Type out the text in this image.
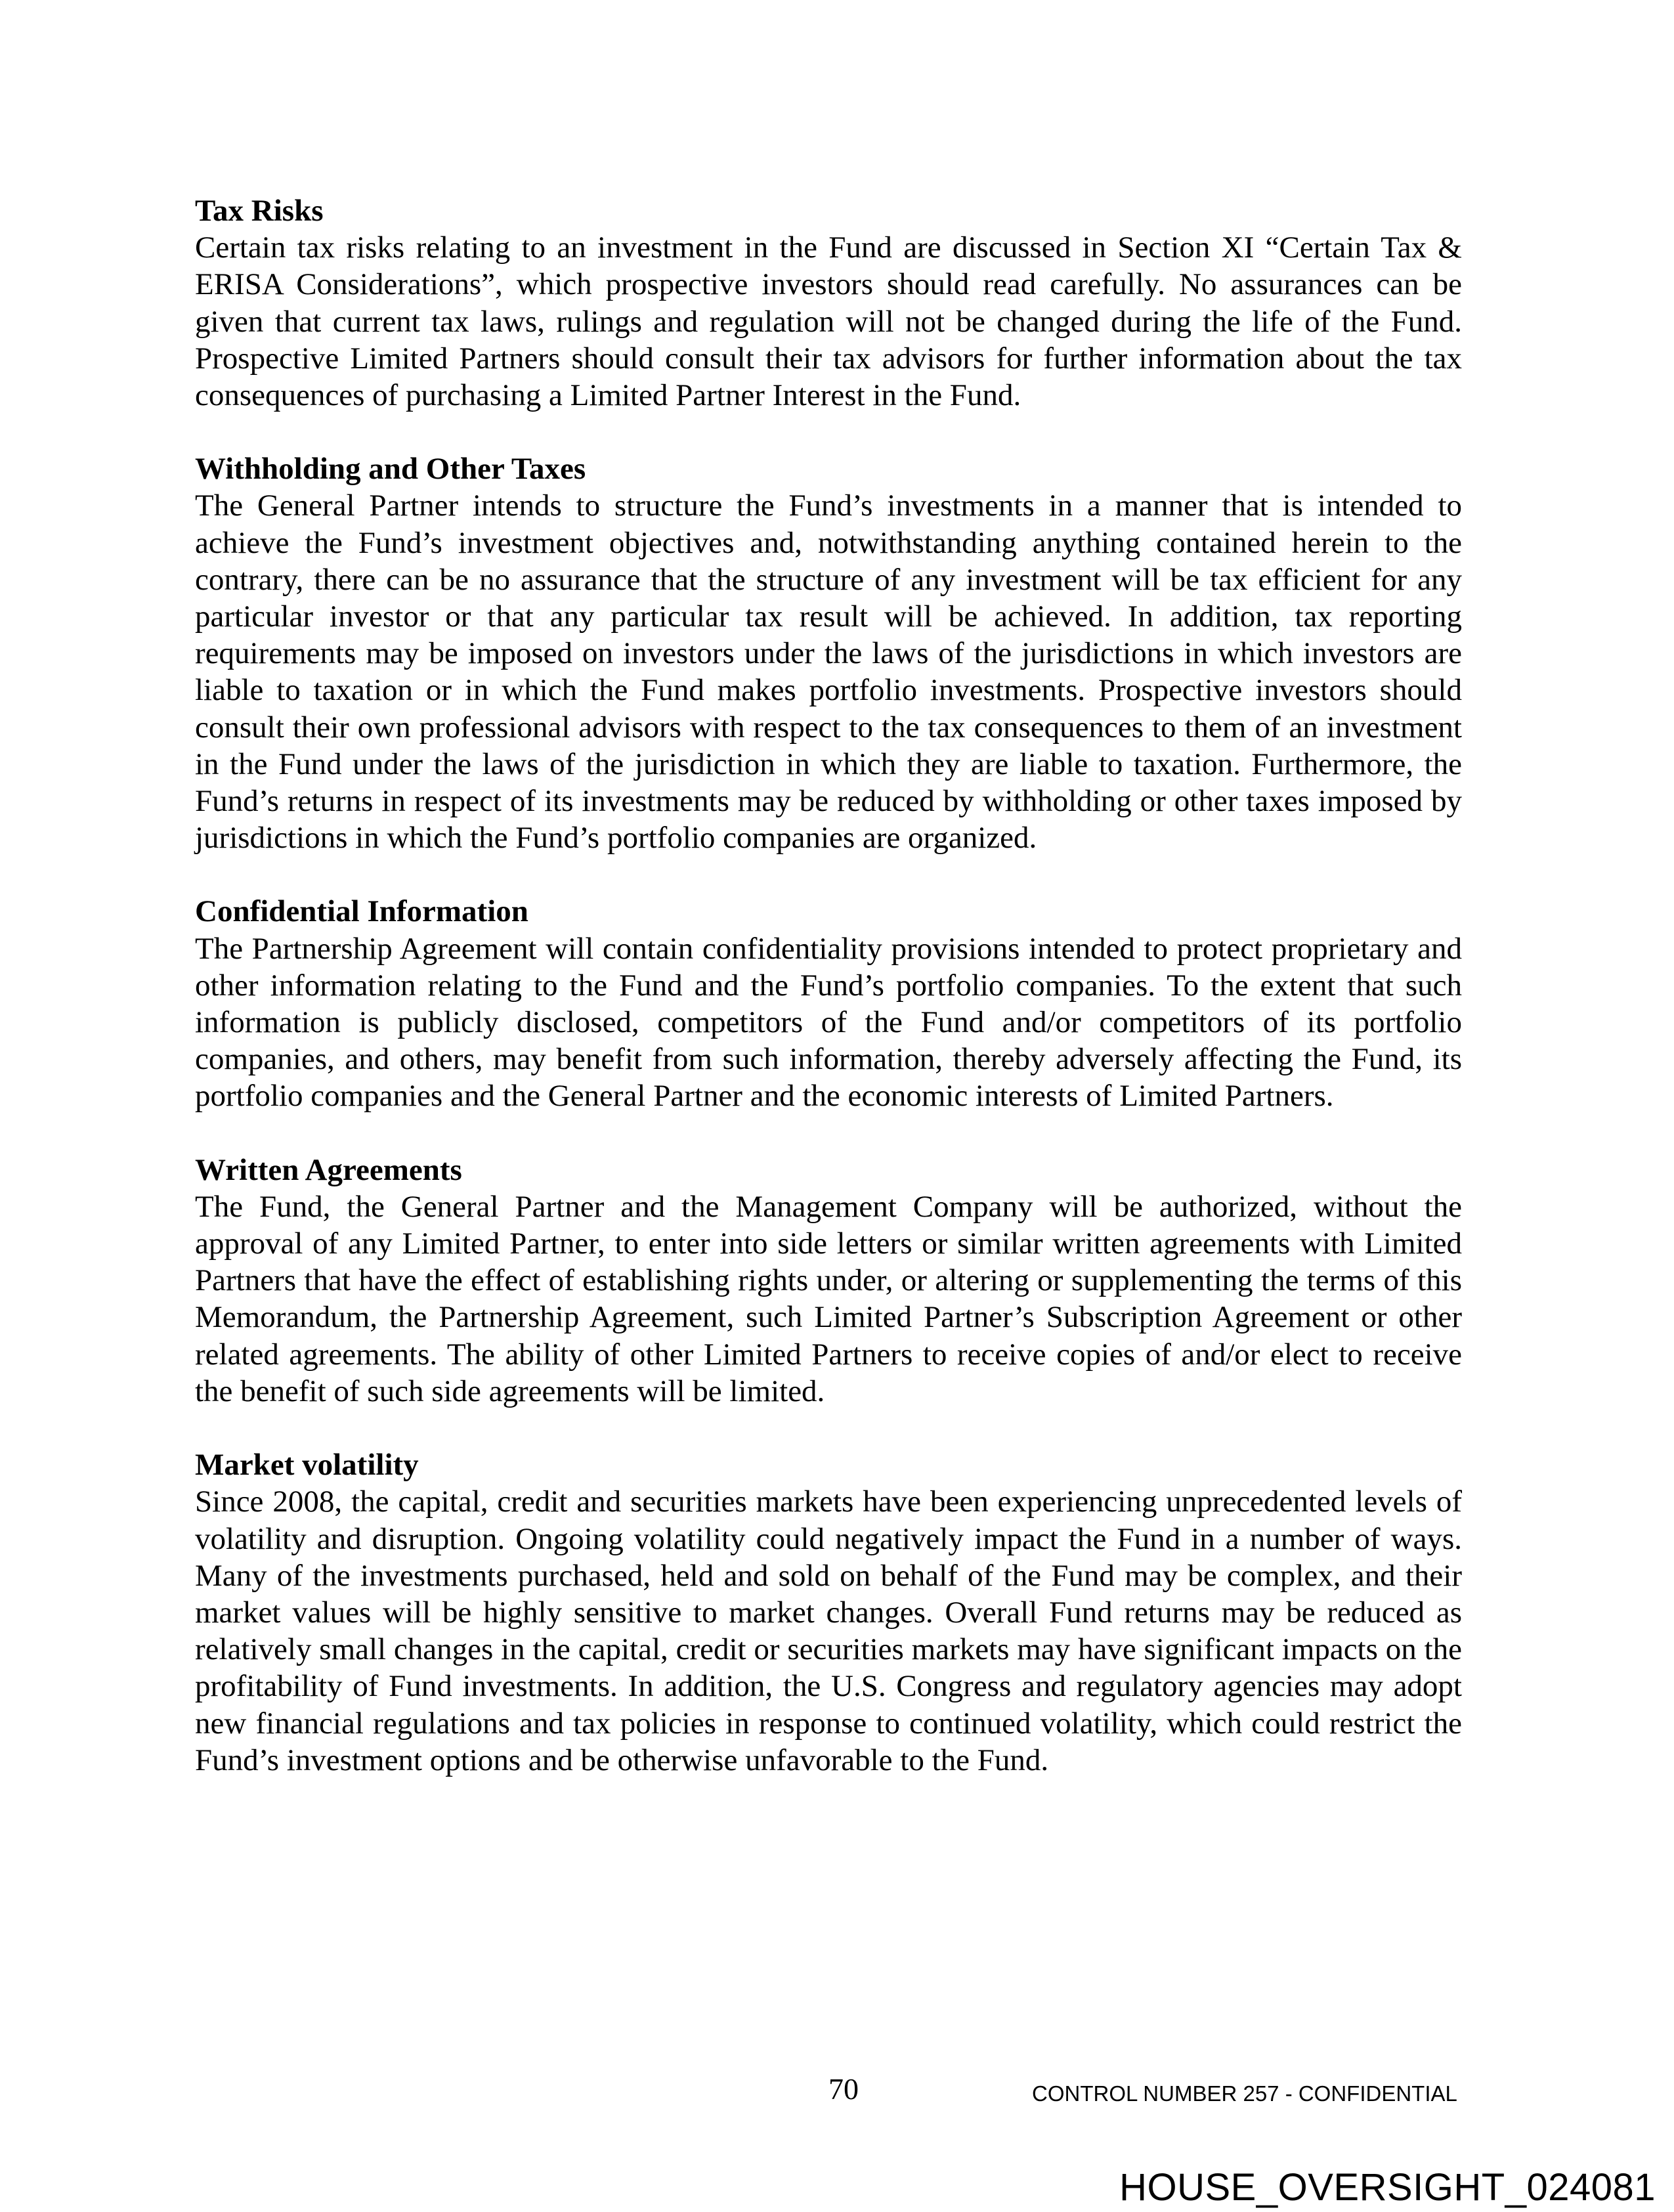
Tax Risks

Certain tax risks relating to an investment in the Fund are discussed in Section XI “Certain Tax & ERISA Considerations”, which prospective investors should read carefully. No assurances can be given that current tax laws, rulings and regulation will not be changed during the life of the Fund. Prospective Limited Partners should consult their tax advisors for further information about the tax consequences of purchasing a Limited Partner Interest in the Fund.

Withholding and Other Taxes

The General Partner intends to structure the Fund’s investments in a manner that is intended to achieve the Fund’s investment objectives and, notwithstanding anything contained herein to the contrary, there can be no assurance that the structure of any investment will be tax efficient for any particular investor or that any particular tax result will be achieved. In addition, tax reporting requirements may be imposed on investors under the laws of the jurisdictions in which investors are liable to taxation or in which the Fund makes portfolio investments. Prospective investors should consult their own professional advisors with respect to the tax consequences to them of an investment in the Fund under the laws of the jurisdiction in which they are liable to taxation. Furthermore, the Fund’s returns in respect of its investments may be reduced by withholding or other taxes imposed by jurisdictions in which the Fund’s portfolio companies are organized.

Confidential Information

The Partnership Agreement will contain confidentiality provisions intended to protect proprietary and other information relating to the Fund and the Fund’s portfolio companies. To the extent that such information is publicly disclosed, competitors of the Fund and/or competitors of its portfolio companies, and others, may benefit from such information, thereby adversely affecting the Fund, its portfolio companies and the General Partner and the economic interests of Limited Partners.

Written Agreements

The Fund, the General Partner and the Management Company will be authorized, without the approval of any Limited Partner, to enter into side letters or similar written agreements with Limited Partners that have the effect of establishing rights under, or altering or supplementing the terms of this Memorandum, the Partnership Agreement, such Limited Partner’s Subscription Agreement or other related agreements. The ability of other Limited Partners to receive copies of and/or elect to receive the benefit of such side agreements will be limited.

Market volatility

Since 2008, the capital, credit and securities markets have been experiencing unprecedented levels of volatility and disruption. Ongoing volatility could negatively impact the Fund in a number of ways. Many of the investments purchased, held and sold on behalf of the Fund may be complex, and their market values will be highly sensitive to market changes. Overall Fund returns may be reduced as relatively small changes in the capital, credit or securities markets may have significant impacts on the profitability of Fund investments. In addition, the U.S. Congress and regulatory agencies may adopt new financial regulations and tax policies in response to continued volatility, which could restrict the Fund’s investment options and be otherwise unfavorable to the Fund.

70	CONTROL NUMBER 257 - CONFIDENTIAL
HOUSE_OVERSIGHT_024081
